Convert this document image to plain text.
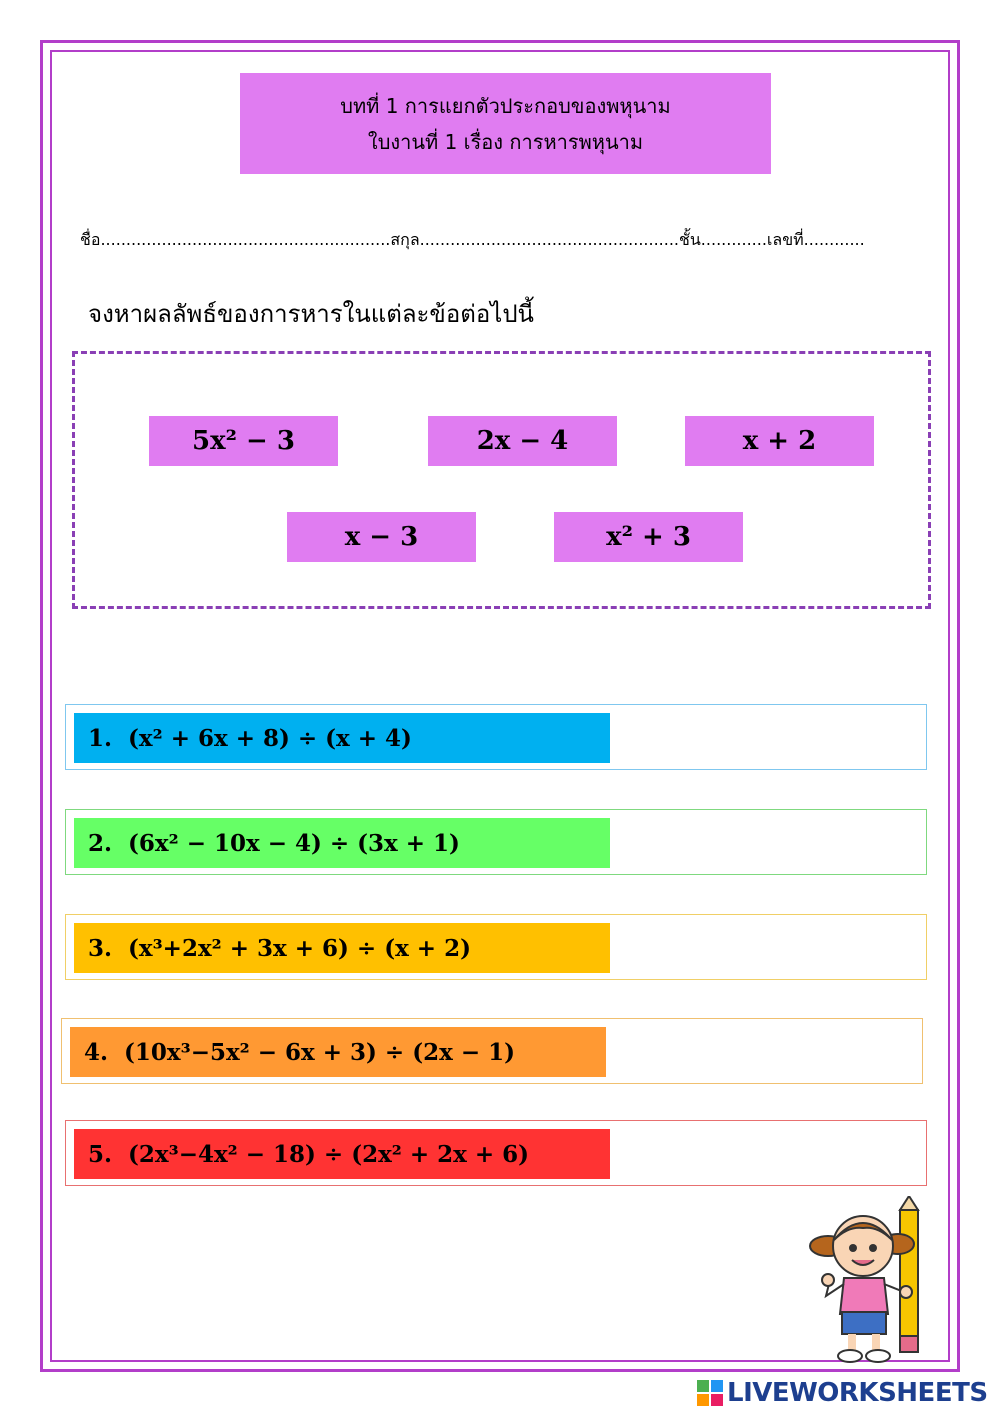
บทที่ 1 การแยกตัวประกอบของพหุนาม
ใบงานที่ 1 เรื่อง การหารพหุนาม
ชื่อ.........................................................สกุล...................................................ชั้น.............เลขที่............
จงหาผลลัพธ์ของการหารในแต่ละข้อต่อไปนี้
5x² − 3	2x − 4	x + 2
x − 3	x² + 3
1. (x² + 6x + 8) ÷ (x + 4)
2. (6x² − 10x − 4) ÷ (3x + 1)
3. (x³+2x² + 3x + 6) ÷ (x + 2)
4. (10x³−5x² − 6x + 3) ÷ (2x − 1)
5. (2x³−4x² − 18) ÷ (2x² + 2x + 6)
LIVEWORKSHEETS
